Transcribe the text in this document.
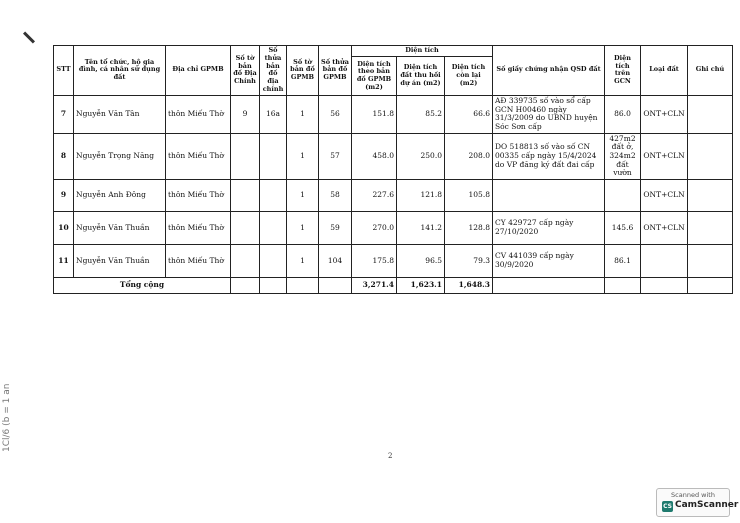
STT	Tên tổ chức, hộ gia đình, cá nhân sử dụng đất	Địa chỉ GPMB	Số tờ bản đồ Địa Chính	Số thửa bản đồ địa chính	Số tờ bản đồ GPMB	Số thửa bản đồ GPMB	Diện tích			Số giấy chứng nhận QSD đất	Diện tích trên GCN	Loại đất	Ghi chú
							Diện tích theo bản đồ GPMB (m2)	Diện tích đất thu hồi dự án (m2)	Diện tích còn lại (m2)				
7	Nguyễn Văn Tân	thôn Miếu Thờ	9	16a	1	56	151.8	85.2	66.6	AĐ 339735 số vào sổ cấp GCN H00460 ngày 31/3/2009 do UBND huyện Sóc Sơn cấp	86.0	ONT+CLN	
8	Nguyễn Trọng Năng	thôn Miếu Thờ			1	57	458.0	250.0	208.0	DO 518813 số vào số CN 00335 cấp ngày 15/4/2024 do VP đăng ký đất đai cấp	427m2 đất ở, 324m2 đất vườn	ONT+CLN	
9	Nguyễn Anh Đông	thôn Miếu Thờ			1	58	227.6	121.8	105.8			ONT+CLN	
10	Nguyễn Văn Thuần	thôn Miếu Thờ			1	59	270.0	141.2	128.8	CY 429727 cấp ngày 27/10/2020	145.6	ONT+CLN	
11	Nguyễn Văn Thuần	thôn Miếu Thờ			1	104	175.8	96.5	79.3	CV 441039 cấp ngày 30/9/2020	86.1		
Tổng cộng							3,271.4	1,623.1	1,648.3				
1Cl/6 (b = 1 an
2
Scanned with
CS CamScanner
